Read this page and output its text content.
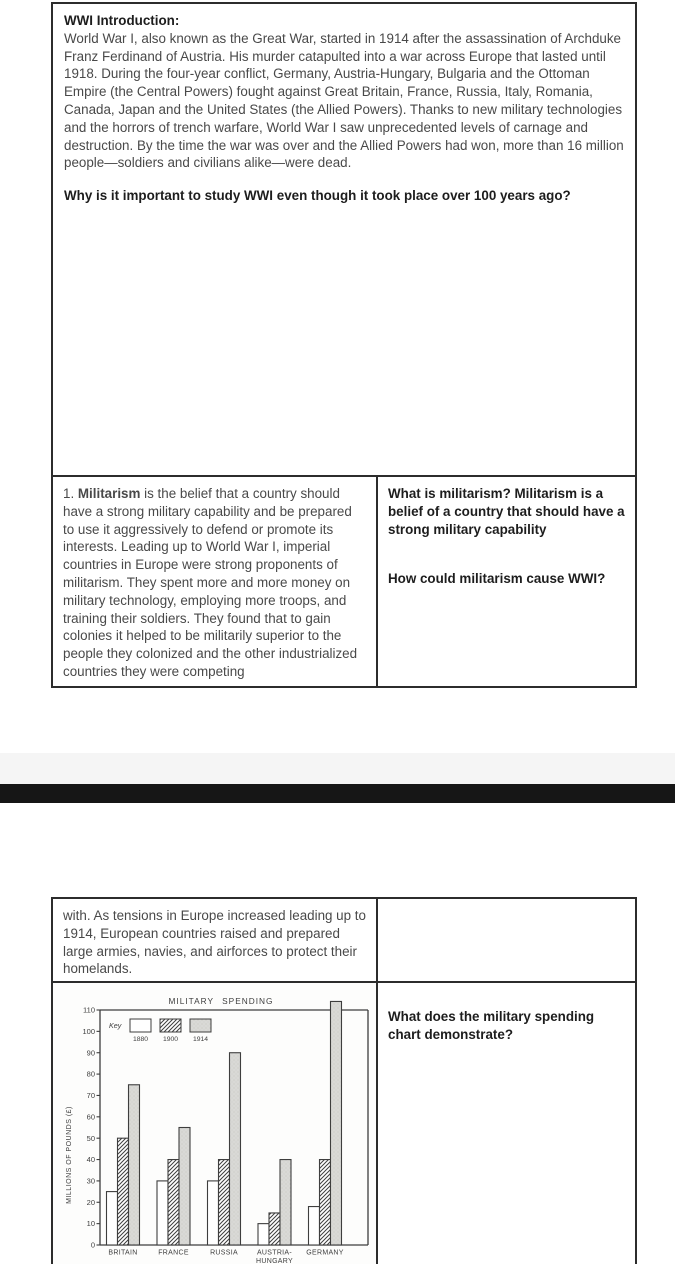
WWI Introduction:

World War I, also known as the Great War, started in 1914 after the assassination of Archduke Franz Ferdinand of Austria. His murder catapulted into a war across Europe that lasted until 1918. During the four-year conflict, Germany, Austria-Hungary, Bulgaria and the Ottoman Empire (the Central Powers) fought against Great Britain, France, Russia, Italy, Romania, Canada, Japan and the United States (the Allied Powers). Thanks to new military technologies and the horrors of trench warfare, World War I saw unprecedented levels of carnage and destruction. By the time the war was over and the Allied Powers had won, more than 16 million people—soldiers and civilians alike—were dead.

Why is it important to study WWI even though it took place over 100 years ago?

1. Militarism is the belief that a country should have a strong military capability and be prepared to use it aggressively to defend or promote its interests. Leading up to World War I, imperial countries in Europe were strong proponents of militarism. They spent more and more money on military technology, employing more troops, and training their soldiers. They found that to gain colonies it helped to be militarily superior to the people they colonized and the other industrialized countries they were competing

What is militarism? Militarism is a belief of a country that should have a strong military capability
How could militarism cause WWI?

with. As tensions in Europe increased leading up to 1914, European countries raised and prepared large armies, navies, and airforces to protect their homelands.

0
10
20
30
40
50
60
70
80
90
100
110
MILITARY SPENDING
MILLIONS OF POUNDS (£)
Key
1880 1900 1914
BRITAIN	FRANCE	RUSSIA	AUSTRIA-
HUNGARY
GERMANY
What does the military spending chart demonstrate?
